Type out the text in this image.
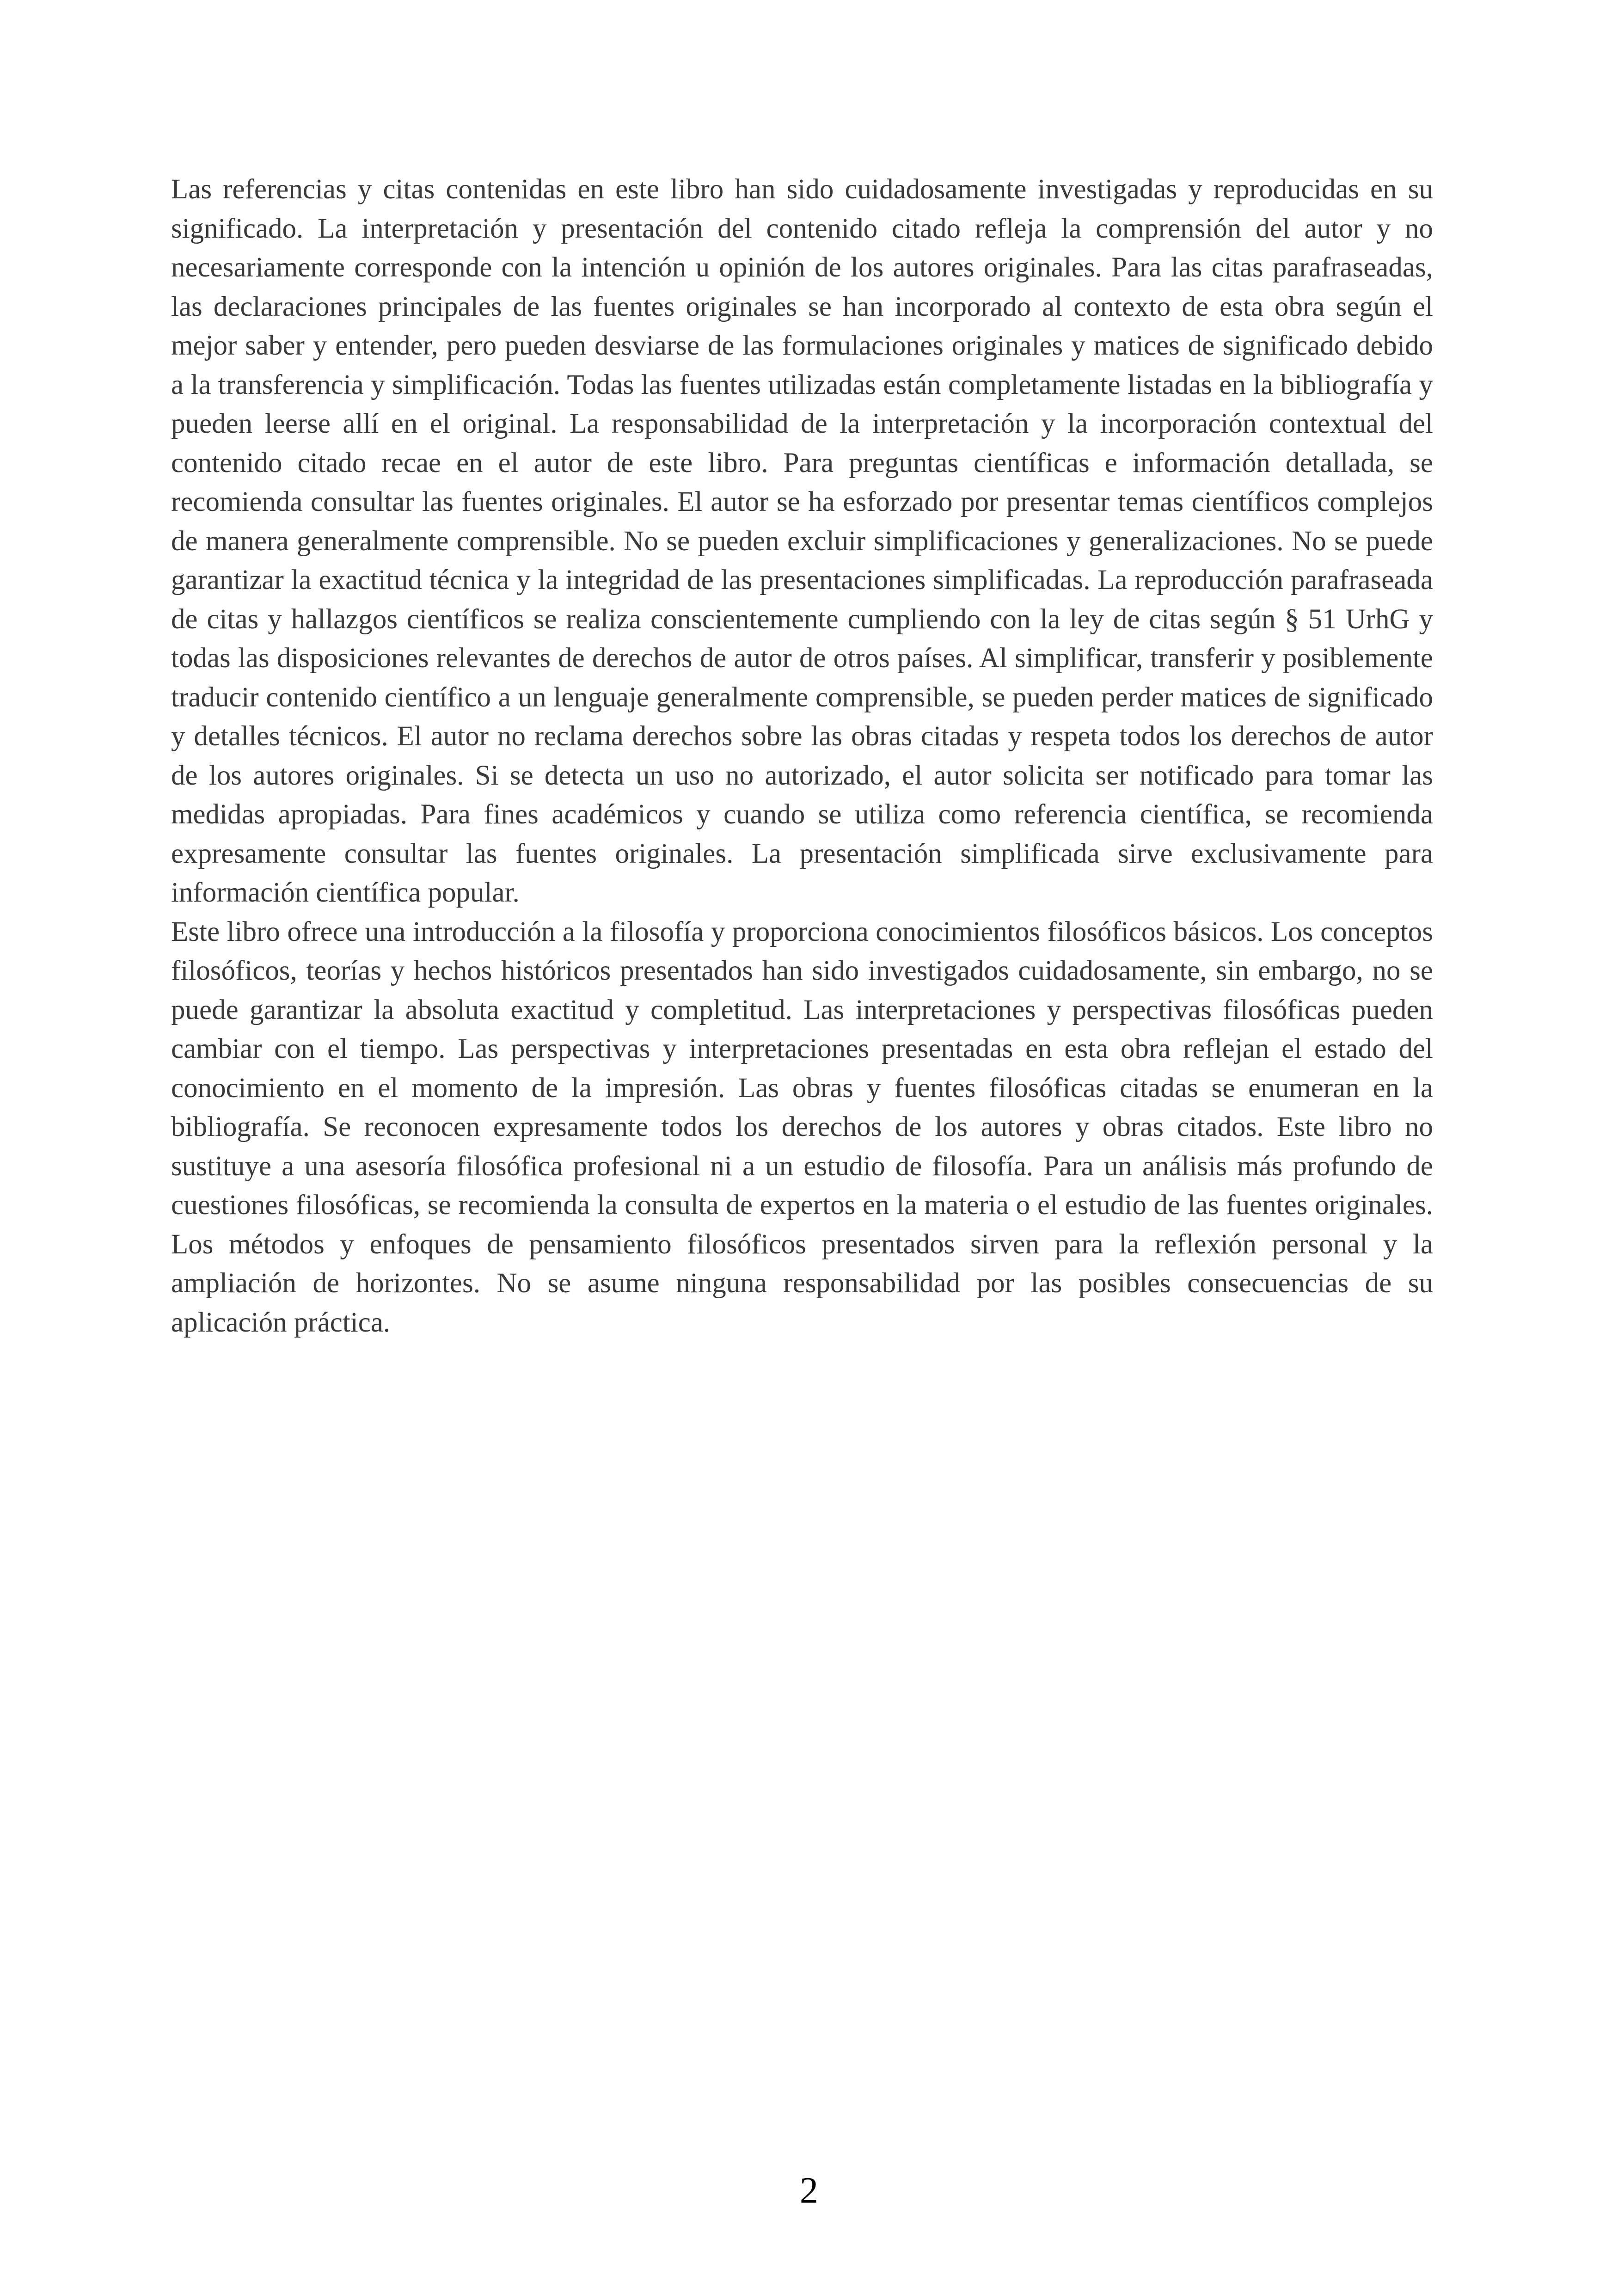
Las referencias y citas contenidas en este libro han sido cuidadosamente investigadas y reproducidas en su significado. La interpretación y presentación del contenido citado refleja la comprensión del autor y no necesariamente corresponde con la intención u opinión de los autores originales. Para las citas parafraseadas, las declaraciones principales de las fuentes originales se han incorporado al contexto de esta obra según el mejor saber y entender, pero pueden desviarse de las formulaciones originales y matices de significado debido a la transferencia y simplificación. Todas las fuentes utilizadas están completamente listadas en la bibliografía y pueden leerse allí en el original. La responsabilidad de la interpretación y la incorporación contextual del contenido citado recae en el autor de este libro. Para preguntas científicas e información detallada, se recomienda consultar las fuentes originales. El autor se ha esforzado por presentar temas científicos complejos de manera generalmente comprensible. No se pueden excluir simplificaciones y generalizaciones. No se puede garantizar la exactitud técnica y la integridad de las presentaciones simplificadas. La reproducción parafraseada de citas y hallazgos científicos se realiza conscientemente cumpliendo con la ley de citas según § 51 UrhG y todas las disposiciones relevantes de derechos de autor de otros países. Al simplificar, transferir y posiblemente traducir contenido científico a un lenguaje generalmente comprensible, se pueden perder matices de significado y detalles técnicos. El autor no reclama derechos sobre las obras citadas y respeta todos los derechos de autor de los autores originales. Si se detecta un uso no autorizado, el autor solicita ser notificado para tomar las medidas apropiadas. Para fines académicos y cuando se utiliza como referencia científica, se recomienda expresamente consultar las fuentes originales. La presentación simplificada sirve exclusivamente para información científica popular.

Este libro ofrece una introducción a la filosofía y proporciona conocimientos filosóficos básicos. Los conceptos filosóficos, teorías y hechos históricos presentados han sido investigados cuidadosamente, sin embargo, no se puede garantizar la absoluta exactitud y completitud. Las interpretaciones y perspectivas filosóficas pueden cambiar con el tiempo. Las perspectivas y interpretaciones presentadas en esta obra reflejan el estado del conocimiento en el momento de la impresión. Las obras y fuentes filosóficas citadas se enumeran en la bibliografía. Se reconocen expresamente todos los derechos de los autores y obras citados. Este libro no sustituye a una asesoría filosófica profesional ni a un estudio de filosofía. Para un análisis más profundo de cuestiones filosóficas, se recomienda la consulta de expertos en la materia o el estudio de las fuentes originales. Los métodos y enfoques de pensamiento filosóficos presentados sirven para la reflexión personal y la ampliación de horizontes. No se asume ninguna responsabilidad por las posibles consecuencias de su aplicación práctica.

2
